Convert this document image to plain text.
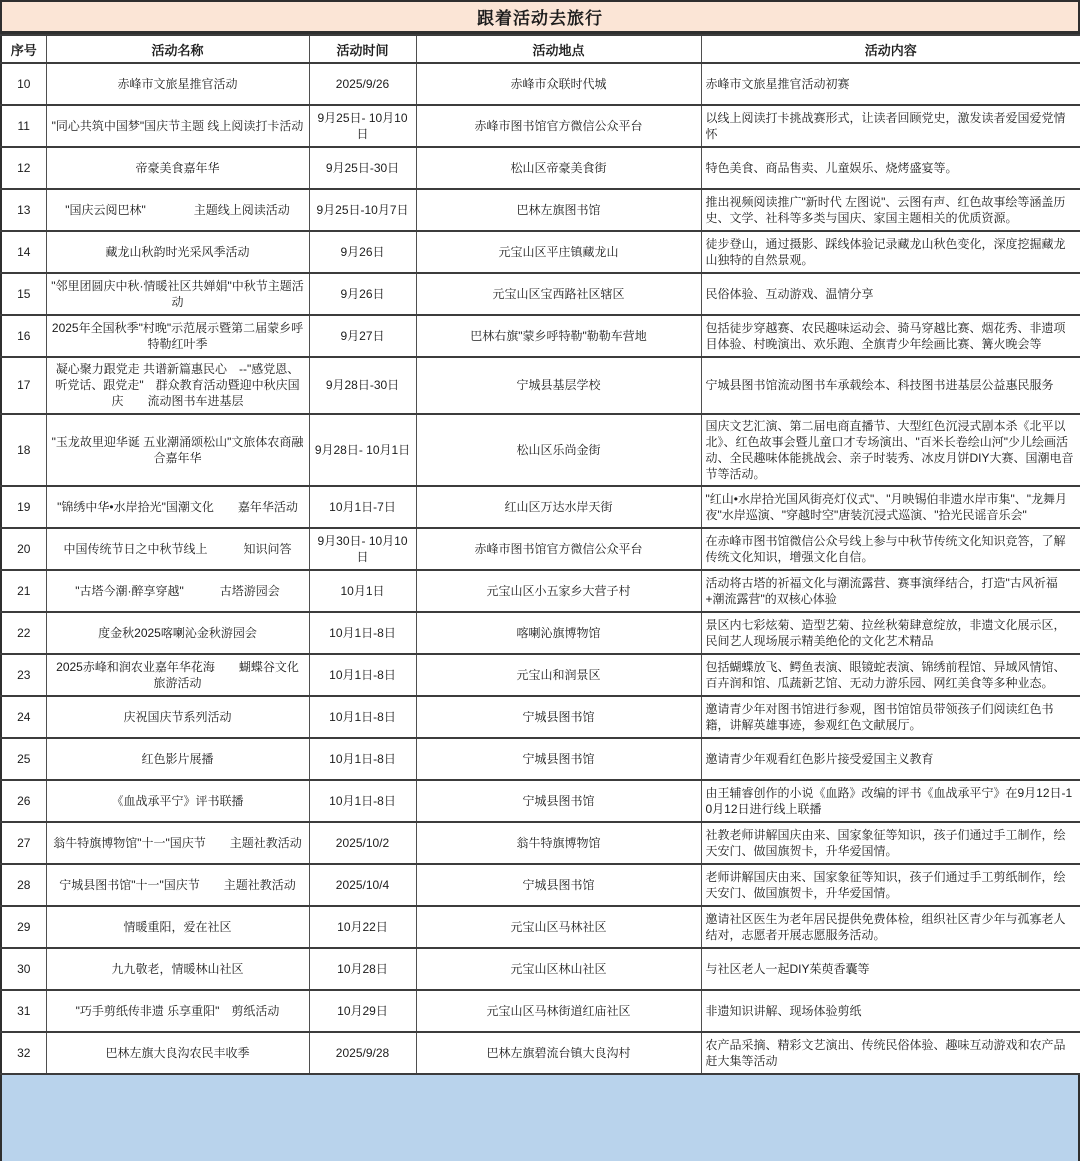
跟着活动去旅行
序号	活动名称	活动时间	活动地点	活动内容
10	赤峰市文旅星推官活动	2025/9/26	赤峰市众联时代城	赤峰市文旅星推官活动初赛
11	"同心共筑中国梦"国庆节主题 线上阅读打卡活动	9月25日- 10月10日	赤峰市图书馆官方微信公众平台	以线上阅读打卡挑战赛形式，让读者回顾党史，激发读者爱国爱党情怀
12	帝豪美食嘉年华	9月25日-30日	松山区帝豪美食街	特色美食、商品售卖、儿童娱乐、烧烤盛宴等。
13	"国庆云阅巴林"　　　　主题线上阅读活动	9月25日-10月7日	巴林左旗图书馆	推出视频阅读推广"新时代 左图说"、云图有声、红色故事绘等涵盖历史、文学、社科等多类与国庆、家国主题相关的优质资源。
14	藏龙山秋韵时光采风季活动	9月26日	元宝山区平庄镇藏龙山	徒步登山，通过摄影、踩线体验记录藏龙山秋色变化，深度挖掘藏龙山独特的自然景观。
15	"邻里团圆庆中秋·情暖社区共婵娟"中秋节主题活动	9月26日	元宝山区宝西路社区辖区	民俗体验、互动游戏、温情分享
16	2025年全国秋季"村晚"示范展示暨第二届蒙乡呼特勒红叶季	9月27日	巴林右旗"蒙乡呼特勒"勒勒车营地	包括徒步穿越赛、农民趣味运动会、骑马穿越比赛、烟花秀、非遗项目体验、村晚演出、欢乐跑、全旗青少年绘画比赛、篝火晚会等
17	凝心聚力跟党走 共谱新篇惠民心　--"感党恩、听党话、跟党走"　群众教育活动暨迎中秋庆国庆　　流动图书车进基层	9月28日-30日	宁城县基层学校	宁城县图书馆流动图书车承载绘本、科技图书进基层公益惠民服务
18	"玉龙故里迎华诞 五业潮涌颂松山"文旅体农商融合嘉年华	9月28日- 10月1日	松山区乐尚金街	国庆文艺汇演、第二届电商直播节、大型红色沉浸式剧本杀《北平以北》、红色故事会暨儿童口才专场演出、"百米长卷绘山河"少儿绘画活动、全民趣味体能挑战会、亲子时装秀、冰皮月饼DIY大赛、国潮电音节等活动。
19	"锦绣中华•水岸拾光"国潮文化　　嘉年华活动	10月1日-7日	红山区万达水岸天街	"红山•水岸拾光国风街亮灯仪式"、"月映锡伯非遗水岸市集"、"龙舞月夜"水岸巡演、"穿越时空"唐装沉浸式巡演、"拾光民谣音乐会"
20	中国传统节日之中秋节线上　　　知识问答	9月30日- 10月10日	赤峰市图书馆官方微信公众平台	在赤峰市图书馆微信公众号线上参与中秋节传统文化知识竞答，了解传统文化知识，增强文化自信。
21	"古塔今潮·醉享穿越"　　　古塔游园会	10月1日	元宝山区小五家乡大营子村	活动将古塔的祈福文化与潮流露营、赛事演绎结合，打造"古风祈福+潮流露营"的双核心体验
22	度金秋2025喀喇沁金秋游园会	10月1日-8日	喀喇沁旗博物馆	景区内七彩炫菊、造型艺菊、拉丝秋菊肆意绽放，非遗文化展示区，民间艺人现场展示精美绝伦的文化艺术精品
23	2025赤峰和润农业嘉年华花海　　蝴蝶谷文化旅游活动	10月1日-8日	元宝山和润景区	包括蝴蝶放飞、鳄鱼表演、眼镜蛇表演、锦绣前程馆、异域风情馆、百卉润和馆、瓜蔬新艺馆、无动力游乐园、网红美食等多种业态。
24	庆祝国庆节系列活动	10月1日-8日	宁城县图书馆	邀请青少年对图书馆进行参观，图书馆馆员带领孩子们阅读红色书籍，讲解英雄事迹，参观红色文献展厅。
25	红色影片展播	10月1日-8日	宁城县图书馆	邀请青少年观看红色影片接受爱国主义教育
26	《血战承平宁》评书联播	10月1日-8日	宁城县图书馆	由王辅睿创作的小说《血路》改编的评书《血战承平宁》在9月12日-10月12日进行线上联播
27	翁牛特旗博物馆"十一"国庆节　　主题社教活动	2025/10/2	翁牛特旗博物馆	社教老师讲解国庆由来、国家象征等知识，孩子们通过手工制作，绘天安门、做国旗贺卡，升华爱国情。
28	宁城县图书馆"十一"国庆节　　主题社教活动	2025/10/4	宁城县图书馆	老师讲解国庆由来、国家象征等知识，孩子们通过手工剪纸制作，绘天安门、做国旗贺卡，升华爱国情。
29	情暖重阳，爱在社区	10月22日	元宝山区马林社区	邀请社区医生为老年居民提供免费体检，组织社区青少年与孤寡老人结对，志愿者开展志愿服务活动。
30	九九敬老，情暖林山社区	10月28日	元宝山区林山社区	与社区老人一起DIY茱萸香囊等
31	"巧手剪纸传非遗 乐享重阳"　剪纸活动	10月29日	元宝山区马林街道红庙社区	非遗知识讲解、现场体验剪纸
32	巴林左旗大良沟农民丰收季	2025/9/28	巴林左旗碧流台镇大良沟村	农产品采摘、精彩文艺演出、传统民俗体验、趣味互动游戏和农产品赶大集等活动
